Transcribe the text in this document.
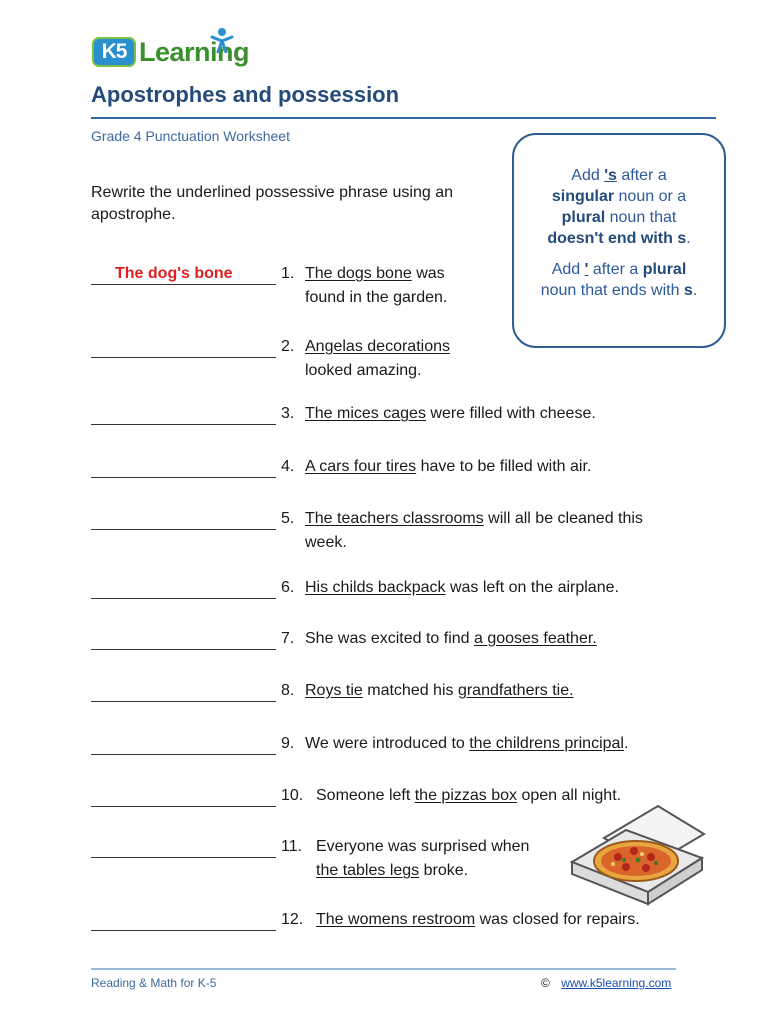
K5 Learning
Apostrophes and possession
Grade 4 Punctuation Worksheet
Rewrite the underlined possessive phrase using an apostrophe.

Add 's after a

singular noun or a

plural noun that

doesn't end with s.

Add ' after a plural

noun that ends with s.

The dog's bone	1. The dogs bone was
found in the garden.
2. Angelas decorations
looked amazing.
3. The mices cages were filled with cheese.
4. A cars four tires have to be filled with air.
5. The teachers classrooms will all be cleaned this
week.
6. His childs backpack was left on the airplane.
7. She was excited to find a gooses feather.
8. Roys tie matched his grandfathers tie.
9. We were introduced to the childrens principal.
10. Someone left the pizzas box open all night.
11. Everyone was surprised when
the tables legs broke.
12. The womens restroom was closed for repairs.
Reading & Math for K-5	© www.k5learning.com
